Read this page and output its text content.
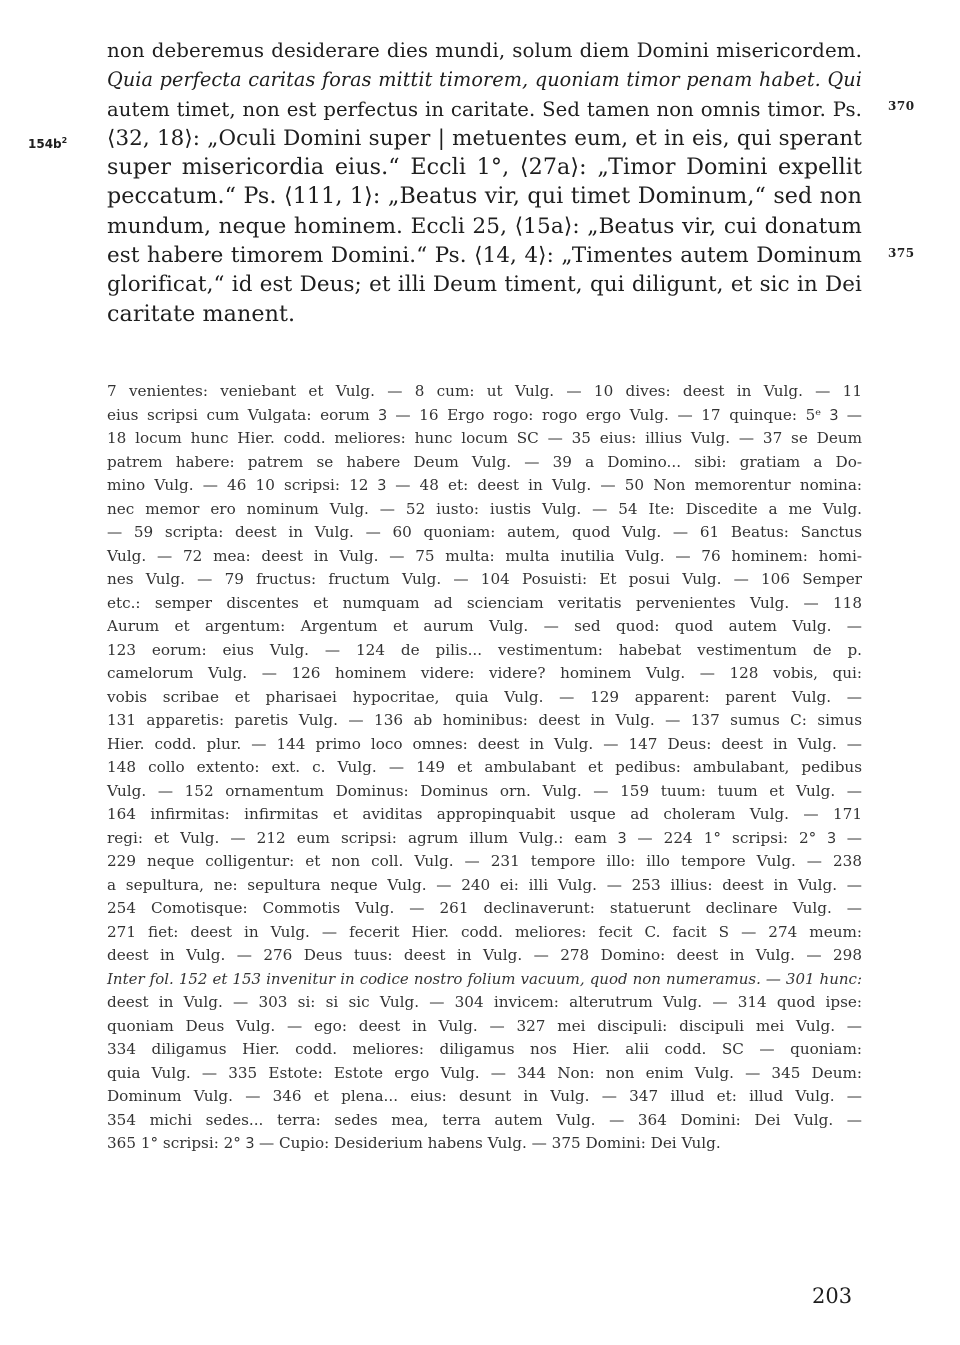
non deberemus desiderare dies mundi, solum diem Domini misericordem.
Quia perfecta caritas foras mittit timorem, quoniam timor penam habet. Qui
autem timet, non est perfectus in caritate. Sed tamen non omnis timor. Ps.
⟨32, 18⟩: „Oculi Domini super | metuentes eum, et in eis, qui sperant
super misericordia eius.“ Eccli 1°, ⟨27a⟩: „Timor Domini expellit
peccatum.“ Ps. ⟨111, 1⟩: „Beatus vir, qui timet Dominum,“ sed non
mundum, neque hominem. Eccli 25, ⟨15a⟩: „Beatus vir, cui donatum
est habere timorem Domini.“ Ps. ⟨14, 4⟩: „Timentes autem Dominum
glorificat,“ id est Deus; et illi Deum timent, qui diligunt, et sic in Dei
caritate manent.
370
375
$154b^2$
7 venientes: veniebant et Vulg. — 8 cum: ut Vulg. — 10 dives: deest in Vulg. — 11
eius scripsi cum Vulgata: eorum Ꝫ — 16 Ergo rogo: rogo ergo Vulg. — 17 quinque: 5ᵉ Ꝫ —
18 locum hunc Hier. codd. meliores: hunc locum SC — 35 eius: illius Vulg. — 37 se Deum
patrem habere: patrem se habere Deum Vulg. — 39 a Domino... sibi: gratiam a Do-
mino Vulg. — 46 10 scripsi: 12 Ꝫ — 48 et: deest in Vulg. — 50 Non memorentur nomina:
nec memor ero nominum Vulg. — 52 iusto: iustis Vulg. — 54 Ite: Discedite a me Vulg.
— 59 scripta: deest in Vulg. — 60 quoniam: autem, quod Vulg. — 61 Beatus: Sanctus
Vulg. — 72 mea: deest in Vulg. — 75 multa: multa inutilia Vulg. — 76 hominem: homi-
nes Vulg. — 79 fructus: fructum Vulg. — 104 Posuisti: Et posui Vulg. — 106 Semper
etc.: semper discentes et numquam ad scienciam veritatis pervenientes Vulg. — 118
Aurum et argentum: Argentum et aurum Vulg. — sed quod: quod autem Vulg. —
123 eorum: eius Vulg. — 124 de pilis... vestimentum: habebat vestimentum de p.
camelorum Vulg. — 126 hominem videre: videre? hominem Vulg. — 128 vobis, qui:
vobis scribae et pharisaei hypocritae, quia Vulg. — 129 apparent: parent Vulg. —
131 apparetis: paretis Vulg. — 136 ab hominibus: deest in Vulg. — 137 sumus C: simus
Hier. codd. plur. — 144 primo loco omnes: deest in Vulg. — 147 Deus: deest in Vulg. —
148 collo extento: ext. c. Vulg. — 149 et ambulabant et pedibus: ambulabant, pedibus
Vulg. — 152 ornamentum Dominus: Dominus orn. Vulg. — 159 tuum: tuum et Vulg. —
164 infirmitas: infirmitas et aviditas appropinquabit usque ad choleram Vulg. — 171
regi: et Vulg. — 212 eum scripsi: agrum illum Vulg.: eam Ꝫ — 224 1° scripsi: 2° Ꝫ —
229 neque colligentur: et non coll. Vulg. — 231 tempore illo: illo tempore Vulg. — 238
a sepultura, ne: sepultura neque Vulg. — 240 ei: illi Vulg. — 253 illius: deest in Vulg. —
254 Comotisque: Commotis Vulg. — 261 declinaverunt: statuerunt declinare Vulg. —
271 fiet: deest in Vulg. — fecerit Hier. codd. meliores: fecit C. facit S — 274 meum:
deest in Vulg. — 276 Deus tuus: deest in Vulg. — 278 Domino: deest in Vulg. — 298
Inter fol. 152 et 153 invenitur in codice nostro folium vacuum, quod non numeramus. — 301 hunc:
deest in Vulg. — 303 si: si sic Vulg. — 304 invicem: alterutrum Vulg. — 314 quod ipse:
quoniam Deus Vulg. — ego: deest in Vulg. — 327 mei discipuli: discipuli mei Vulg. —
334 diligamus Hier. codd. meliores: diligamus nos Hier. alii codd. SC — quoniam:
quia Vulg. — 335 Estote: Estote ergo Vulg. — 344 Non: non enim Vulg. — 345 Deum:
Dominum Vulg. — 346 et plena... eius: desunt in Vulg. — 347 illud et: illud Vulg. —
354 michi sedes... terra: sedes mea, terra autem Vulg. — 364 Domini: Dei Vulg. —
365 1° scripsi: 2° Ꝫ — Cupio: Desiderium habens Vulg. — 375 Domini: Dei Vulg.
203
